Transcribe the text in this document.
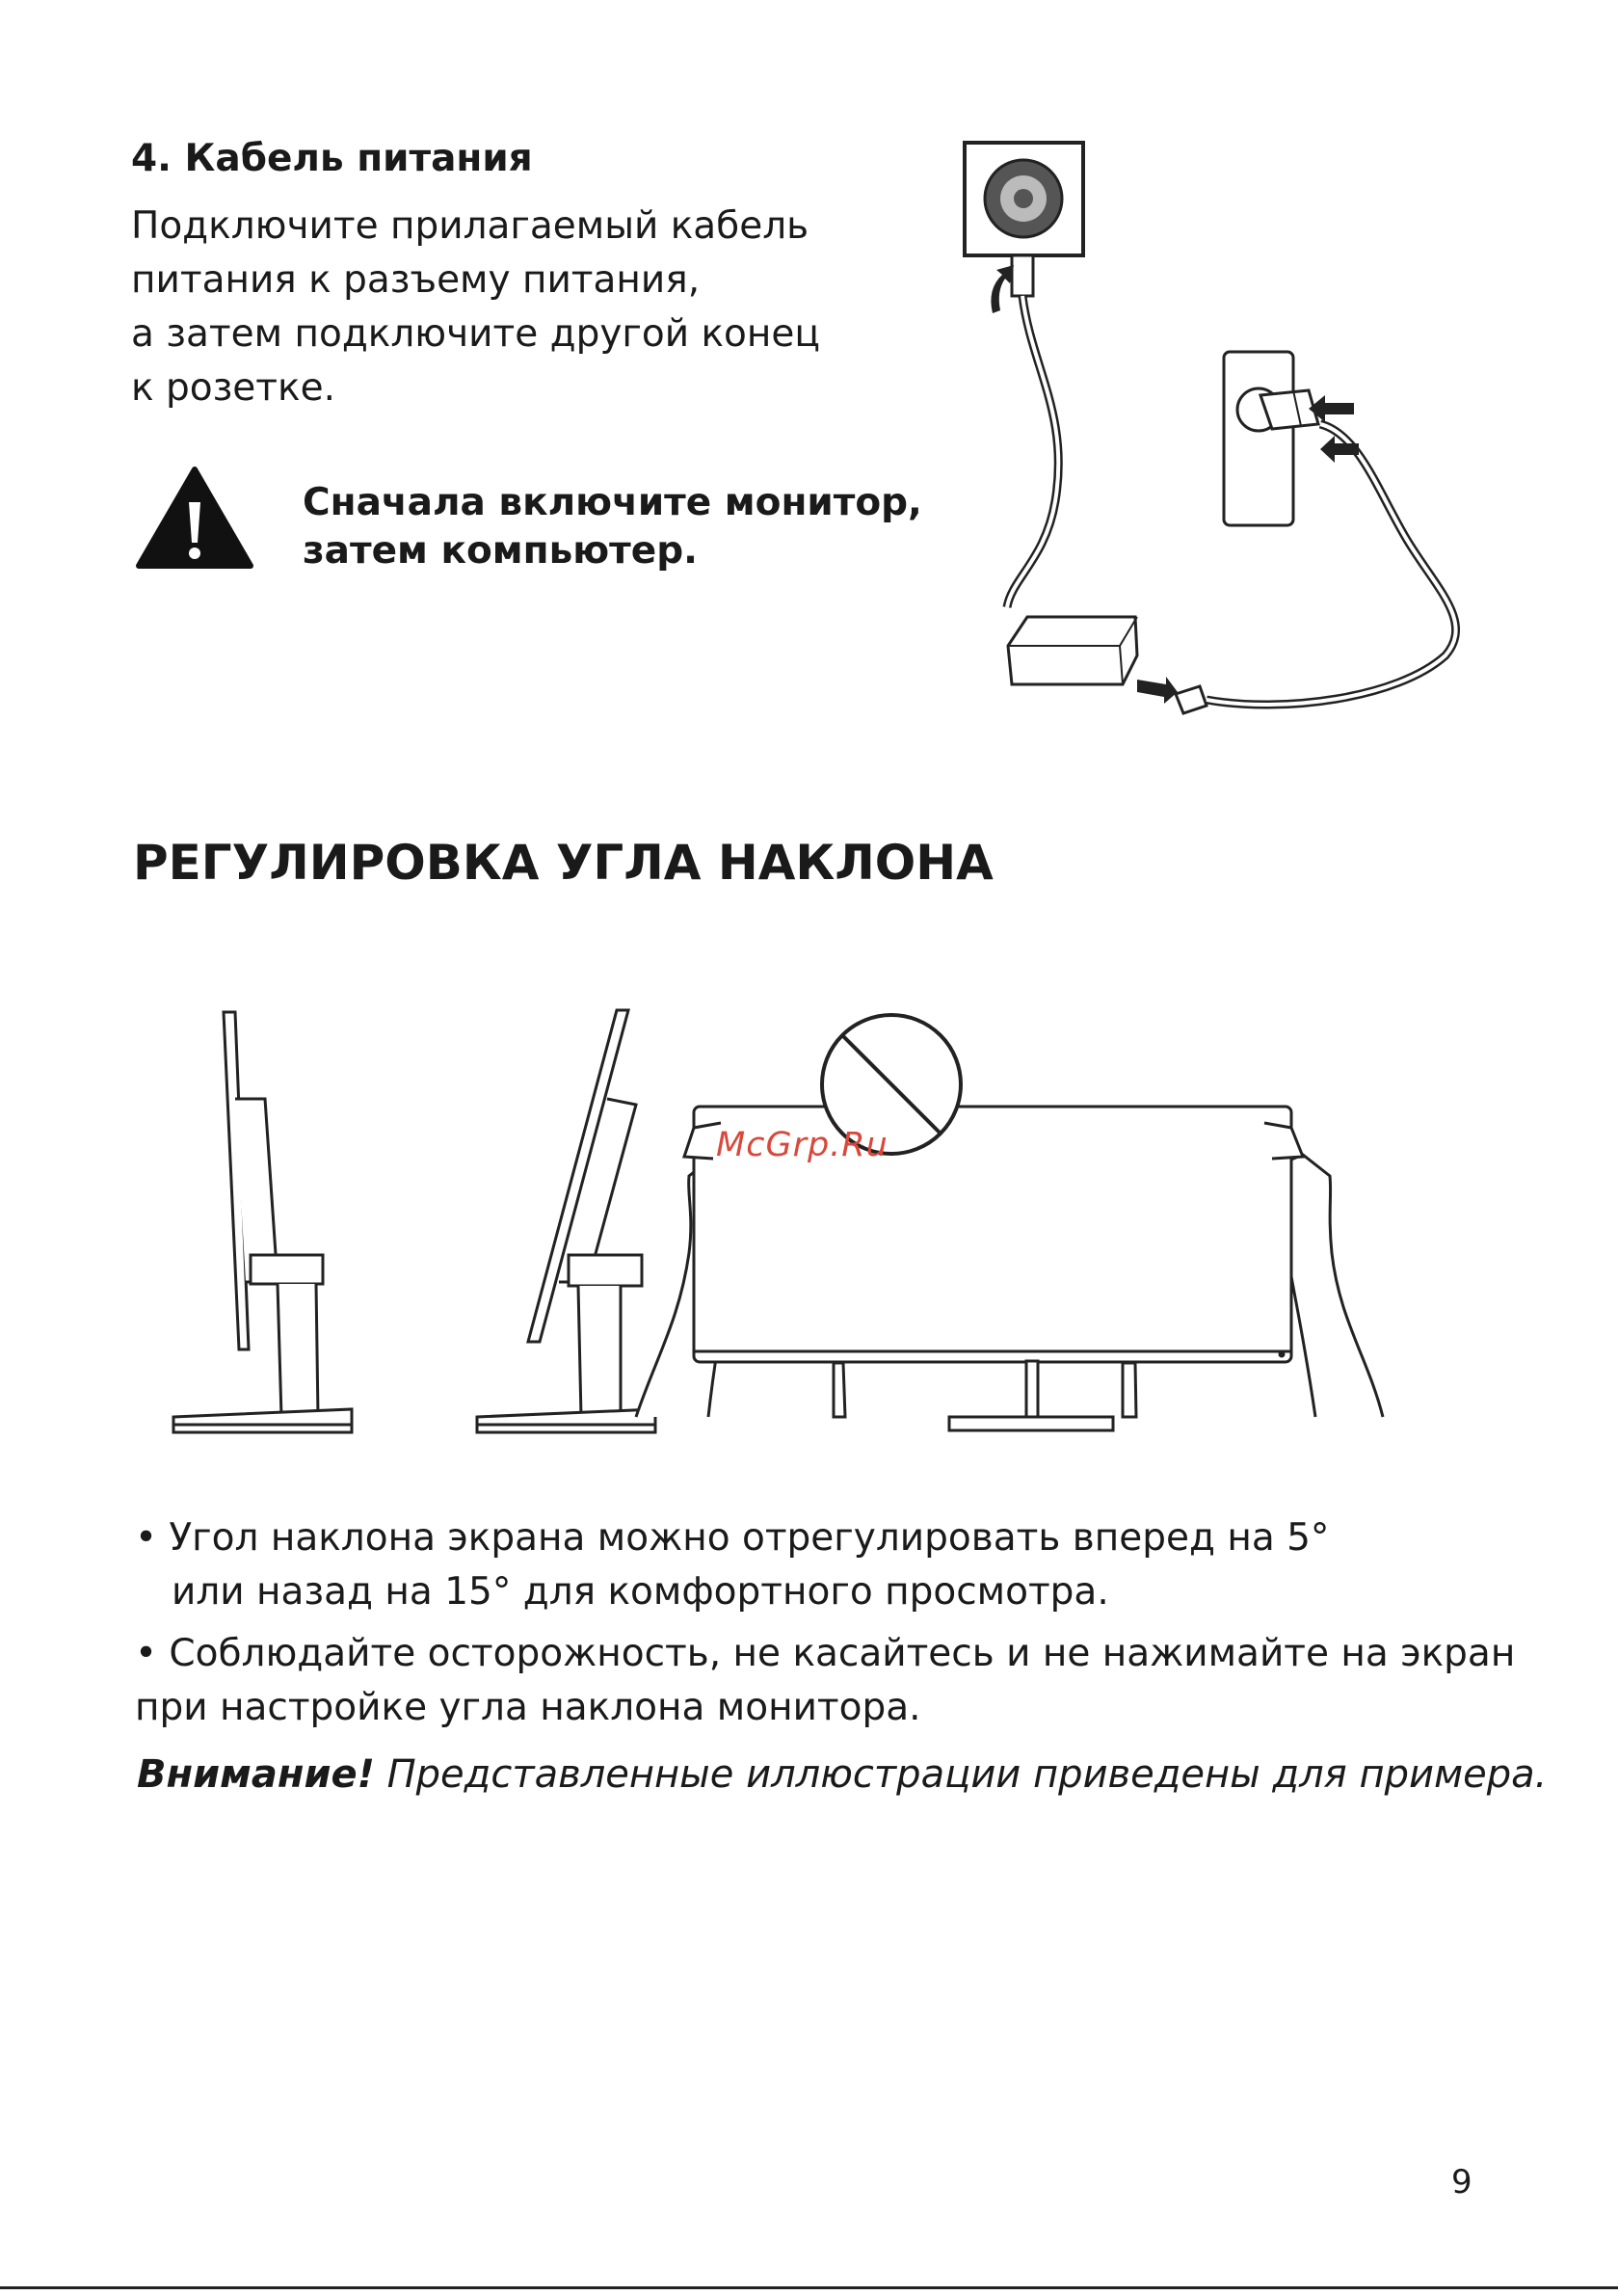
4. Кабель питания
Подключите прилагаемый кабель
питания к разъему питания,
а затем подключите другой конец
к розетке.
Сначала включите монитор,
затем компьютер.
РЕГУЛИРОВКА УГЛА НАКЛОНА
McGrp.Ru
• Угол наклона экрана можно отрегулировать вперед на 5°
или назад на 15° для комфортного просмотра.
• Соблюдайте осторожность, не касайтесь и не нажимайте на экран
при настройке угла наклона монитора.
Внимание! Представленные иллюстрации приведены для примера.
9
